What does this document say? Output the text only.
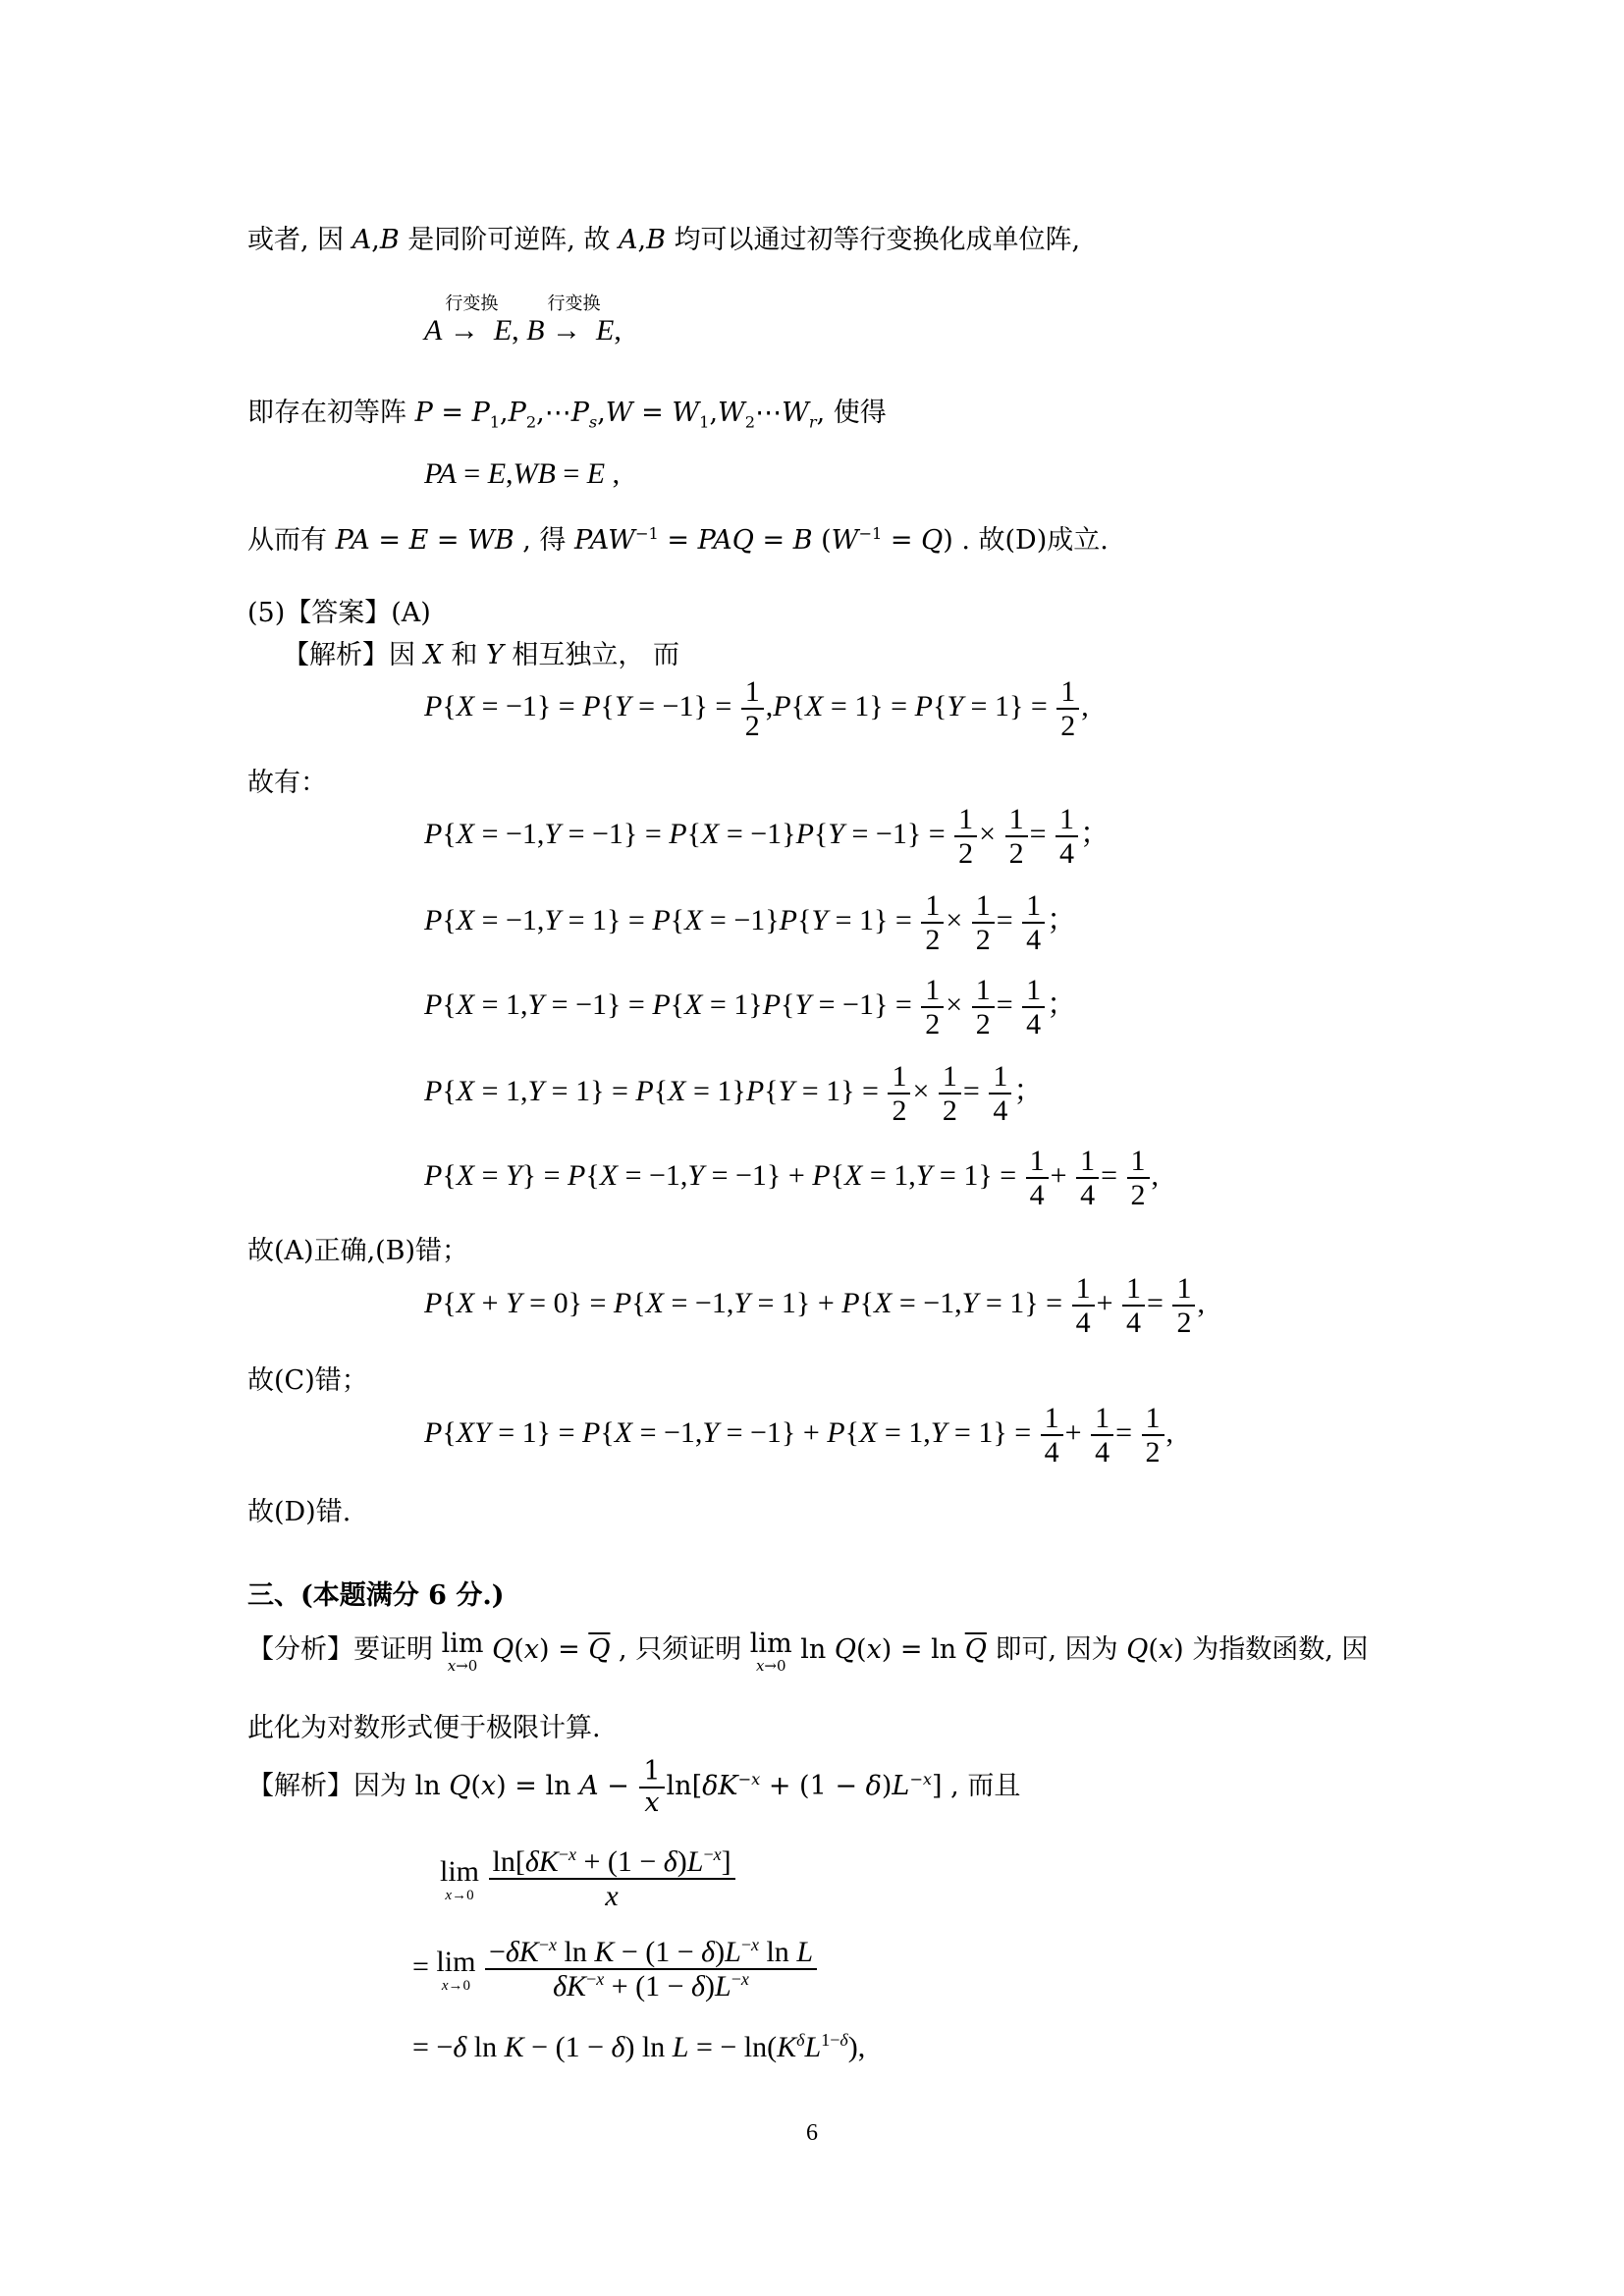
或者, 因 A,B 是同阶可逆阵, 故 A,B 均可以通过初等行变换化成单位阵,
行变换
A →  E,

行变换
B →  E,
即存在初等阵 $P = P_1,P_2,\cdots P_s,W$ = $W_1,W_2\cdots W_r$, 使得
PA = E,WB = E ,
从而有 PA = E = WB , 得 $PAW^{-1}$ = PAQ = B $(W^{-1} = Q)$ . 故(D)成立.
(5)【答案】(A)
【解析】因 X 和 Y 相互独立， 而
$P\{X = -1\} = P\{Y = -1\} = \frac{1}{2} ,P\{X = 1\} = P\{Y = 1\} = \frac{1}{2}$ ,
故有：
$P\{X = -1,Y = -1\} = P\{X = -1\}P\{Y = -1\} = \frac{1}{2} \times \frac{1}{2} = \frac{1}{4}$ ；
$P\{X = -1,Y = 1\} = P\{X = -1\}P\{Y = 1\} = \frac{1}{2} \times \frac{1}{2} = \frac{1}{4}$ ；
$P\{X = 1,Y = -1\} = P\{X = 1\}P\{Y = -1\} = \frac{1}{2} \times \frac{1}{2} = \frac{1}{4}$ ；
$P\{X = 1,Y = 1\} = P\{X = 1\}P\{Y = 1\} = \frac{1}{2} \times \frac{1}{2} = \frac{1}{4}$ ；
$P\{X = Y\} = P\{X = -1,Y = -1\} + P\{X = 1,Y = 1\} = \frac{1}{4} + \frac{1}{4} = \frac{1}{2}$ ,
故(A)正确,(B)错；
$P\{X + Y = 0\} = P\{X = -1,Y = 1\} + P\{X = -1,Y = 1\} = \frac{1}{4} + \frac{1}{4} = \frac{1}{2}$ ,
故(C)错；
$P\{XY = 1\} = P\{X = -1,Y = -1\} + P\{X = 1,Y = 1\} = \frac{1}{4} + \frac{1}{4} = \frac{1}{2}$ ,
故(D)错.
三、(本题满分 6 分.)
【分析】要证明 lim
x→0
$Q(x) = \overline{Q}$ , 只须证明 lim
x→0
$\ln Q(x) = \ln \overline{Q}$ 即可, 因为 Q(x) 为指数函数, 因
此化为对数形式便于极限计算.
【解析】因为 $\ln Q(x) = \ln A - \frac{1}{x} \ln[\delta K^{-x} + (1 - \delta)L^{-x}]$ , 而且
lim
x→0
$\frac{\ln[\delta K^{-x} + (1 - \delta)L^{-x}]}{x}$
= lim
x→0
$\frac{-\delta K^{-x} \ln K - (1 - \delta)L^{-x} \ln L}{\delta K^{-x} + (1 - \delta)L^{-x}}$
= −δ ln K − (1 − δ) ln L = − $\ln(K^\delta L^{1-\delta})$,
6
